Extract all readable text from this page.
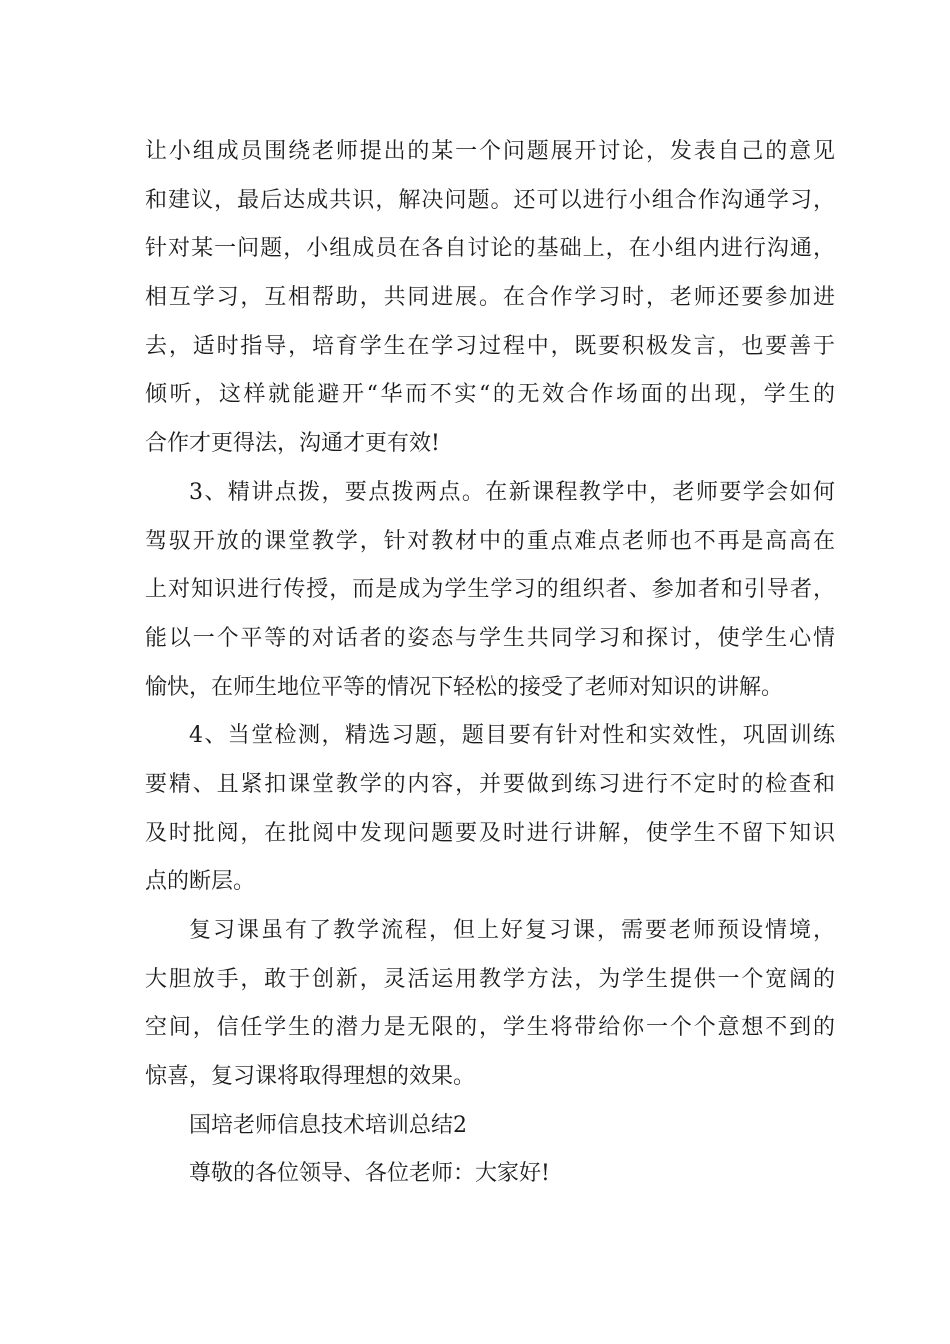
让小组成员围绕老师提出的某一个问题展开讨论，发表自己的意见
和建议，最后达成共识，解决问题。还可以进行小组合作沟通学习，
针对某一问题，小组成员在各自讨论的基础上，在小组内进行沟通，
相互学习，互相帮助，共同进展。在合作学习时，老师还要参加进
去，适时指导，培育学生在学习过程中，既要积极发言，也要善于
倾听，这样就能避开“华而不实“的无效合作场面的出现，学生的
合作才更得法，沟通才更有效!
3、精讲点拨，要点拨两点。在新课程教学中，老师要学会如何
驾驭开放的课堂教学，针对教材中的重点难点老师也不再是高高在
上对知识进行传授，而是成为学生学习的组织者、参加者和引导者，
能以一个平等的对话者的姿态与学生共同学习和探讨，使学生心情
愉快，在师生地位平等的情况下轻松的接受了老师对知识的讲解。
4、当堂检测，精选习题，题目要有针对性和实效性，巩固训练
要精、且紧扣课堂教学的内容，并要做到练习进行不定时的检查和
及时批阅，在批阅中发现问题要及时进行讲解，使学生不留下知识
点的断层。
复习课虽有了教学流程，但上好复习课，需要老师预设情境，
大胆放手，敢于创新，灵活运用教学方法，为学生提供一个宽阔的
空间，信任学生的潜力是无限的，学生将带给你一个个意想不到的
惊喜，复习课将取得理想的效果。
国培老师信息技术培训总结2
尊敬的各位领导、各位老师：大家好!
